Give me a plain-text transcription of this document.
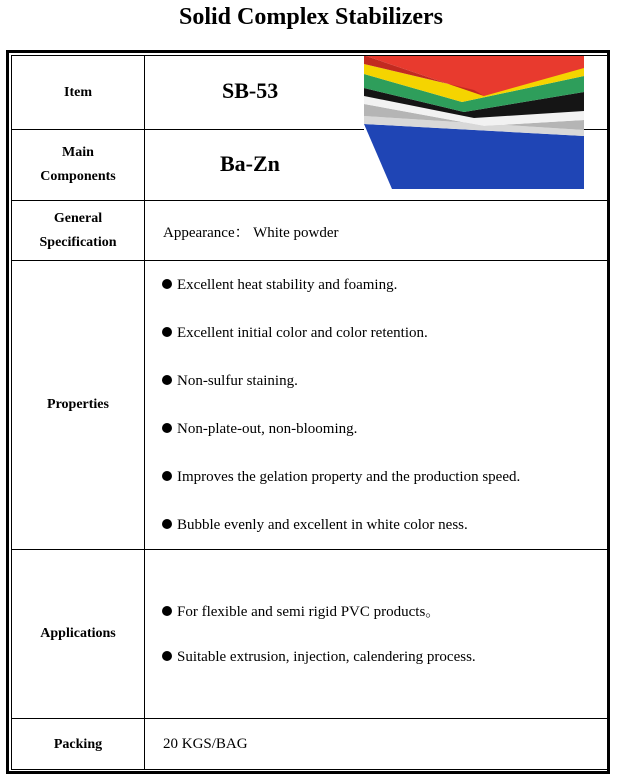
Solid Complex Stabilizers
Item	SB-53
Main
Components
Ba-Zn
General
Specification
Appearance： White powder
Properties
Excellent heat stability and foaming.
Excellent initial color and color retention.
Non-sulfur staining.
Non-plate-out, non-blooming.
Improves the gelation property and the production speed.
Bubble evenly and excellent in white color ness.
Applications
For flexible and semi rigid PVC products。
Suitable extrusion, injection, calendering process.
Packing	20 KGS/BAG
